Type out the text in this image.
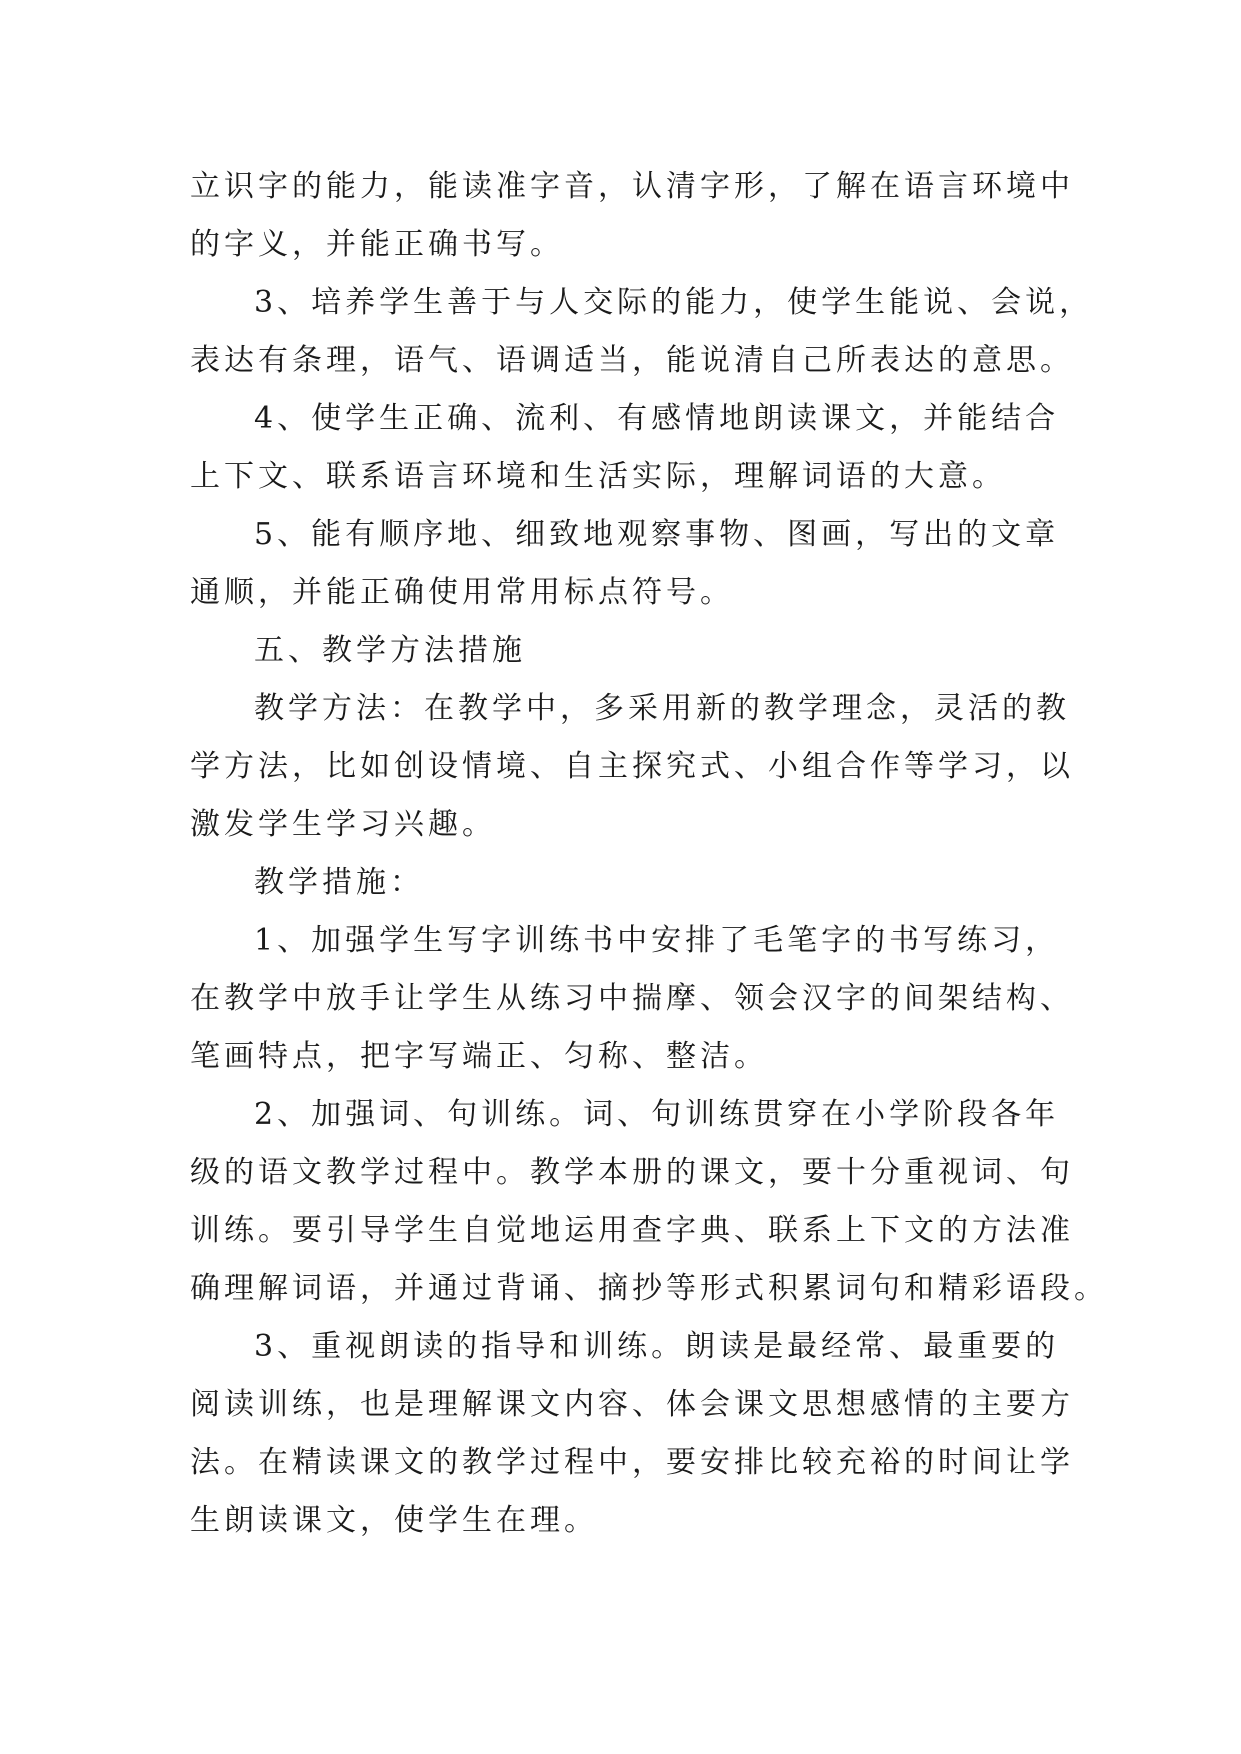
立识字的能力，能读准字音，认清字形，了解在语言环境中
的字义，并能正确书写。
3、培养学生善于与人交际的能力，使学生能说、会说，
表达有条理，语气、语调适当，能说清自己所表达的意思。
4、使学生正确、流利、有感情地朗读课文，并能结合
上下文、联系语言环境和生活实际，理解词语的大意。
5、能有顺序地、细致地观察事物、图画，写出的文章
通顺，并能正确使用常用标点符号。
五、教学方法措施
教学方法：在教学中，多采用新的教学理念，灵活的教
学方法，比如创设情境、自主探究式、小组合作等学习，以
激发学生学习兴趣。
教学措施：
1、加强学生写字训练书中安排了毛笔字的书写练习，
在教学中放手让学生从练习中揣摩、领会汉字的间架结构、
笔画特点，把字写端正、匀称、整洁。
2、加强词、句训练。词、句训练贯穿在小学阶段各年
级的语文教学过程中。教学本册的课文，要十分重视词、句
训练。要引导学生自觉地运用查字典、联系上下文的方法准
确理解词语，并通过背诵、摘抄等形式积累词句和精彩语段。
3、重视朗读的指导和训练。朗读是最经常、最重要的
阅读训练，也是理解课文内容、体会课文思想感情的主要方
法。在精读课文的教学过程中，要安排比较充裕的时间让学
生朗读课文，使学生在理。
